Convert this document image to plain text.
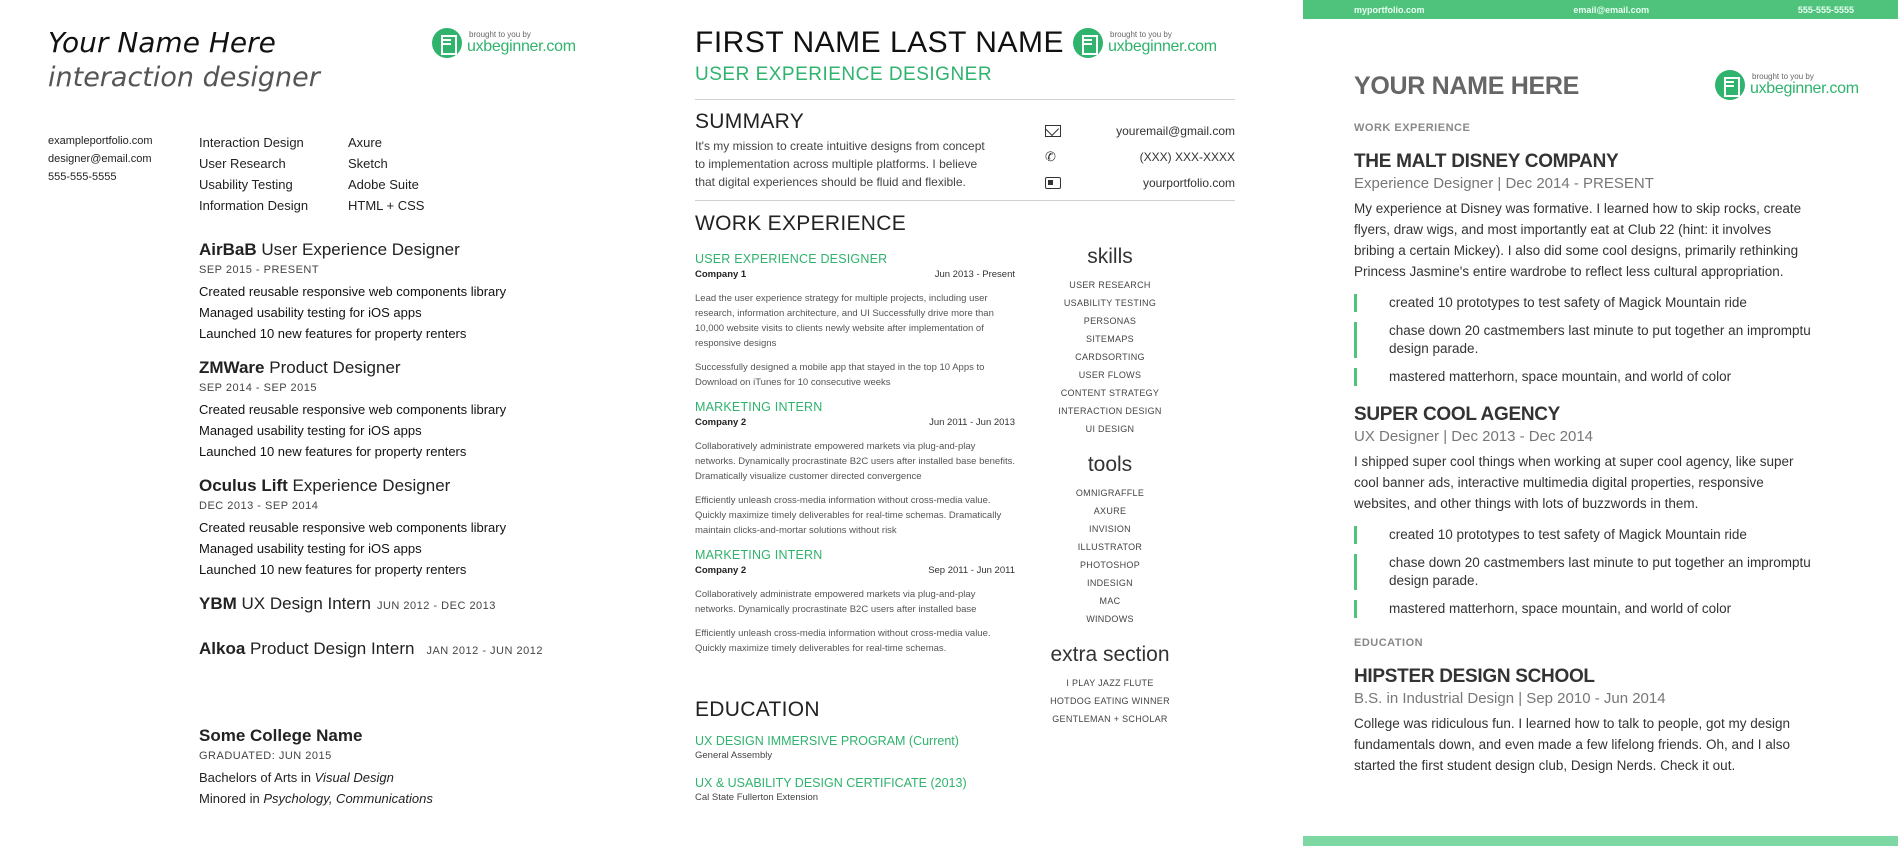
Your Name Here
interaction designer
brought to you by
uxbeginner.com
exampleportfolio.com
designer@email.com
555-555-5555
Interaction Design	Axure
User Research	Sketch
Usability Testing	Adobe Suite
Information Design	HTML + CSS
AirBaB User Experience Designer
SEP 2015 - PRESENT
Created reusable responsive web components library
Managed usability testing for iOS apps
Launched 10 new features for property renters
ZMWare Product Designer
SEP 2014 - SEP 2015
Created reusable responsive web components library
Managed usability testing for iOS apps
Launched 10 new features for property renters
Oculus Lift Experience Designer
DEC 2013 - SEP 2014
Created reusable responsive web components library
Managed usability testing for iOS apps
Launched 10 new features for property renters
YBM UX Design Intern JUN 2012 - DEC 2013
Alkoa Product Design Intern JAN 2012 - JUN 2012
Some College Name
GRADUATED: JUN 2015
Bachelors of Arts in Visual Design
Minored in Psychology, Communications
FIRST NAME LAST NAME
USER EXPERIENCE DESIGNER
brought to you by
uxbeginner.com
SUMMARY
It's my mission to create intuitive designs from concept to implementation across multiple platforms. I believe that digital experiences should be fluid and flexible.
youremail@gmail.com
✆	(XXX) XXX-XXXX
yourportfolio.com
WORK EXPERIENCE
USER EXPERIENCE DESIGNER
Company 1	Jun 2013 - Present
Lead the user experience strategy for multiple projects, including user research, information architecture, and UI Successfully drive more than 10,000 website visits to clients newly website after implementation of responsive designs
Successfully designed a mobile app that stayed in the top 10 Apps to Download on iTunes for 10 consecutive weeks
MARKETING INTERN
Company 2	Jun 2011 - Jun 2013
Collaboratively administrate empowered markets via plug-and-play networks. Dynamically procrastinate B2C users after installed base benefits. Dramatically visualize customer directed convergence
Efficiently unleash cross-media information without cross-media value. Quickly maximize timely deliverables for real-time schemas. Dramatically maintain clicks-and-mortar solutions without risk
MARKETING INTERN
Company 2	Sep 2011 - Jun 2011
Collaboratively administrate empowered markets via plug-and-play networks. Dynamically procrastinate B2C users after installed base
Efficiently unleash cross-media information without cross-media value. Quickly maximize timely deliverables for real-time schemas.
skills
USER RESEARCH
USABILITY TESTING
PERSONAS
SITEMAPS
CARDSORTING
USER FLOWS
CONTENT STRATEGY
INTERACTION DESIGN
UI DESIGN
tools
OMNIGRAFFLE
AXURE
INVISION
ILLUSTRATOR
PHOTOSHOP
INDESIGN
MAC
WINDOWS
extra section
I PLAY JAZZ FLUTE
HOTDOG EATING WINNER
GENTLEMAN + SCHOLAR
EDUCATION
UX DESIGN IMMERSIVE PROGRAM (Current)
General Assembly
UX & USABILITY DESIGN CERTIFICATE (2013)
Cal State Fullerton Extension
myportfolio.com	email@email.com	555-555-5555
YOUR NAME HERE	brought to you by
uxbeginner.com
WORK EXPERIENCE
THE MALT DISNEY COMPANY
Experience Designer | Dec 2014 - PRESENT
My experience at Disney was formative. I learned how to skip rocks, create flyers, draw wigs, and most importantly eat at Club 22 (hint: it involves bribing a certain Mickey). I also did some cool designs, primarily rethinking Princess Jasmine's entire wardrobe to reflect less cultural appropriation.
created 10 prototypes to test safety of Magick Mountain ride
chase down 20 castmembers last minute to put together an impromptu design parade.
mastered matterhorn, space mountain, and world of color
SUPER COOL AGENCY
UX Designer | Dec 2013 - Dec 2014
I shipped super cool things when working at super cool agency, like super cool banner ads, interactive multimedia digital properties, responsive websites, and other things with lots of buzzwords in them.
created 10 prototypes to test safety of Magick Mountain ride
chase down 20 castmembers last minute to put together an impromptu design parade.
mastered matterhorn, space mountain, and world of color
EDUCATION
HIPSTER DESIGN SCHOOL
B.S. in Industrial Design | Sep 2010 - Jun 2014
College was ridiculous fun. I learned how to talk to people, got my design fundamentals down, and even made a few lifelong friends. Oh, and I also started the first student design club, Design Nerds. Check it out.
